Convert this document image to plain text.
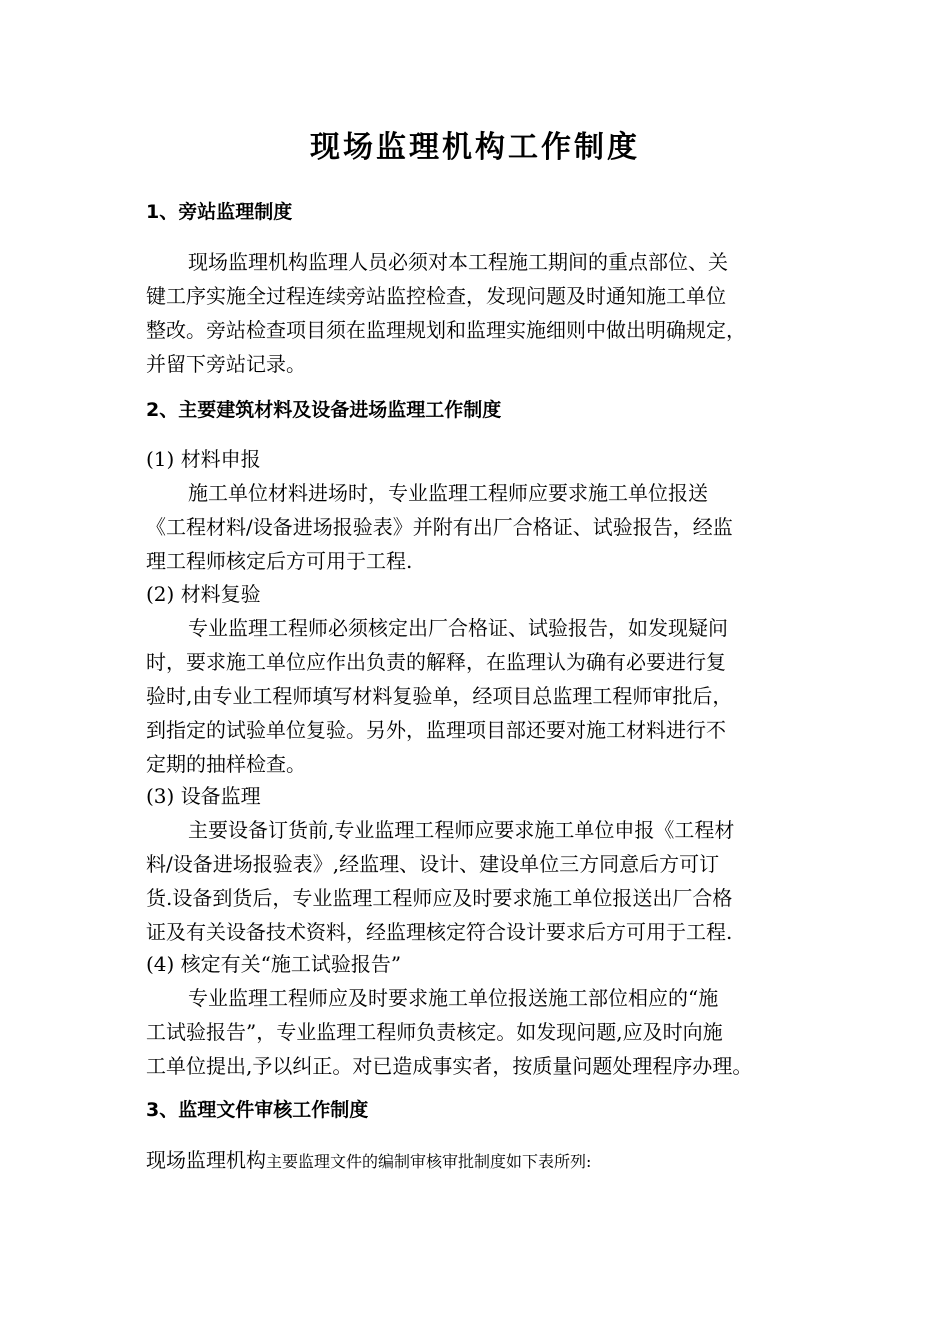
现场监理机构工作制度
1、旁站监理制度
现场监理机构监理人员必须对本工程施工期间的重点部位、关
键工序实施全过程连续旁站监控检查，发现问题及时通知施工单位
整改。旁站检查项目须在监理规划和监理实施细则中做出明确规定，
并留下旁站记录。
2、主要建筑材料及设备进场监理工作制度
(1) 材料申报
施工单位材料进场时，专业监理工程师应要求施工单位报送
《工程材料/设备进场报验表》并附有出厂合格证、试验报告，经监
理工程师核定后方可用于工程.
(2) 材料复验
专业监理工程师必须核定出厂合格证、试验报告，如发现疑问
时，要求施工单位应作出负责的解释，在监理认为确有必要进行复
验时,由专业工程师填写材料复验单，经项目总监理工程师审批后，
到指定的试验单位复验。另外，监理项目部还要对施工材料进行不
定期的抽样检查。
(3) 设备监理
主要设备订货前,专业监理工程师应要求施工单位申报《工程材
料/设备进场报验表》,经监理、设计、建设单位三方同意后方可订
货.设备到货后，专业监理工程师应及时要求施工单位报送出厂合格
证及有关设备技术资料，经监理核定符合设计要求后方可用于工程.
(4) 核定有关“施工试验报告”
专业监理工程师应及时要求施工单位报送施工部位相应的“施
工试验报告”，专业监理工程师负责核定。如发现问题,应及时向施
工单位提出,予以纠正。对已造成事实者，按质量问题处理程序办理。
3、监理文件审核工作制度
现场监理机构主要监理文件的编制审核审批制度如下表所列:
